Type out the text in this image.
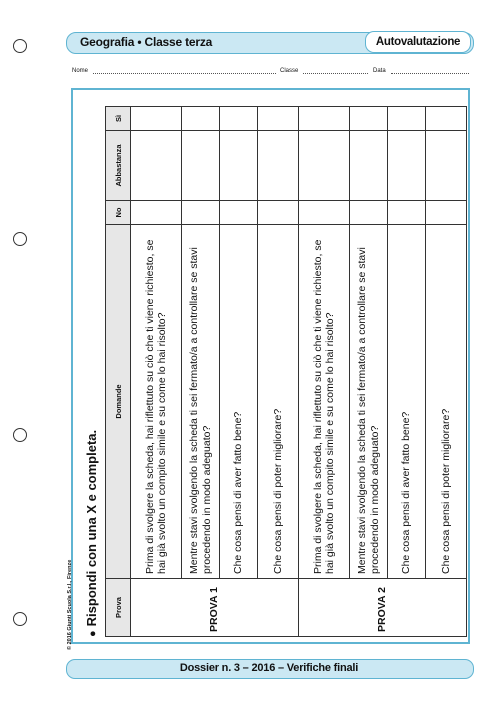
Geografia • Classe terza	Autovalutazione
Nome	Classe	Data
●Rispondi con una X e completa.	Prova	Domande	No	Abbastanza	Sì
PROVA 1	Prima di svolgere la scheda, hai riflettuto su ciò che ti viene richiesto, se hai già svolto un compito simile e su come lo hai risolto?			
	Mentre stavi svolgendo la scheda ti sei fermato/a a controllare se stavi procedendo in modo adeguato?			
	Che cosa pensi di aver fatto bene?			
	Che cosa pensi di poter migliorare?			
PROVA 2	Prima di svolgere la scheda, hai riflettuto su ciò che ti viene richiesto, se hai già svolto un compito simile e su come lo hai risolto?			
	Mentre stavi svolgendo la scheda ti sei fermato/a a controllare se stavi procedendo in modo adeguato?			
	Che cosa pensi di aver fatto bene?			
	Che cosa pensi di poter migliorare?			
© 2016 Giunti Scuola S.r.l., Firenze
Dossier n. 3 – 2016 – Verifiche finali
